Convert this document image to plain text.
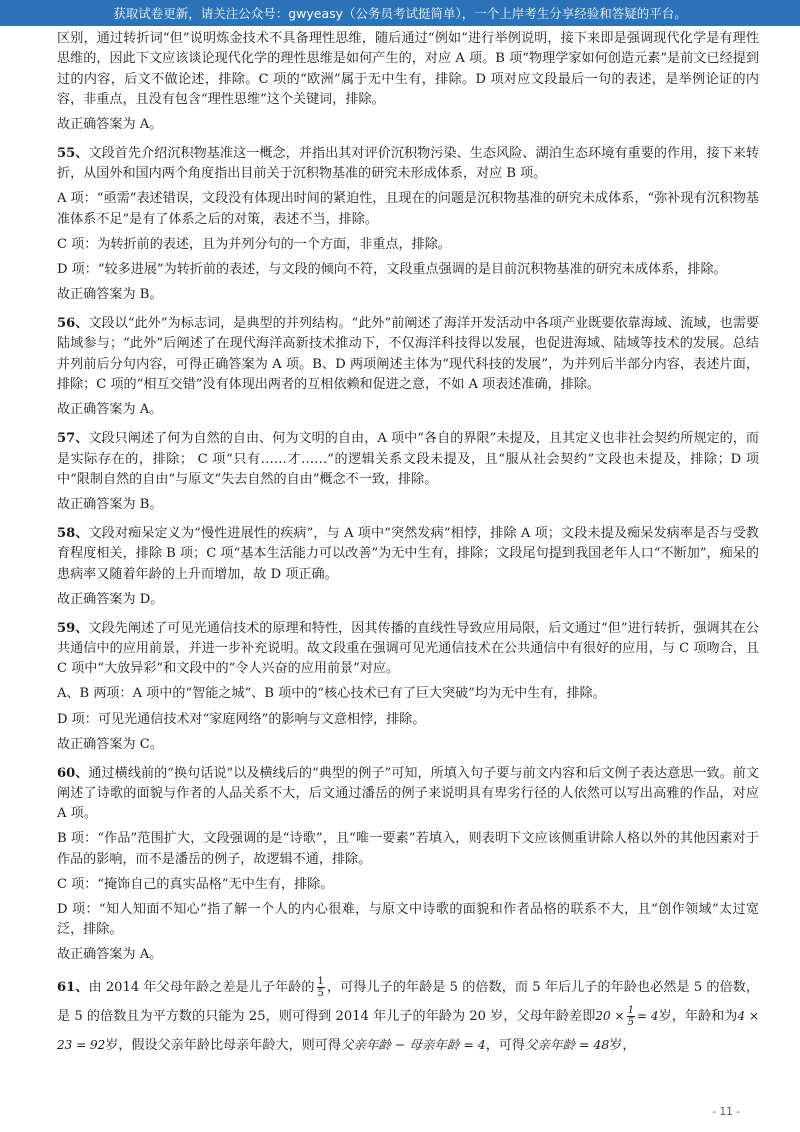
获取试卷更新，请关注公众号：gwyeasy（公务员考试挺简单），一个上岸考生分享经验和答疑的平台。

区别，通过转折词“但”说明炼金技术不具备理性思维，随后通过“例如”进行举例说明，接下来即是强调现代化学是有理性思维的，因此下文应该谈论现代化学的理性思维是如何产生的，对应 A 项。B 项“物理学家如何创造元素”是前文已经提到过的内容，后文不做论述，排除。C 项的“欧洲”属于无中生有，排除。D 项对应文段最后一句的表述，是举例论证的内容，非重点，且没有包含“理性思维”这个关键词，排除。

故正确答案为 A。

55、文段首先介绍沉积物基准这一概念，并指出其对评价沉积物污染、生态风险、湖泊生态环境有重要的作用，接下来转折，从国外和国内两个角度指出目前关于沉积物基准的研究未形成体系，对应 B 项。

A 项：“亟需”表述错误，文段没有体现出时间的紧迫性，且现在的问题是沉积物基准的研究未成体系，“弥补现有沉积物基准体系不足”是有了体系之后的对策，表述不当，排除。

C 项：为转折前的表述，且为并列分句的一个方面，非重点，排除。

D 项：“较多进展”为转折前的表述，与文段的倾向不符，文段重点强调的是目前沉积物基准的研究未成体系，排除。

故正确答案为 B。

56、文段以“此外”为标志词，是典型的并列结构。“此外”前阐述了海洋开发活动中各项产业既要依靠海域、流域，也需要陆域参与；“此外”后阐述了在现代海洋高新技术推动下，不仅海洋科技得以发展，也促进海域、陆域等技术的发展。总结并列前后分句内容，可得正确答案为 A 项。B、D 两项阐述主体为“现代科技的发展”，为并列后半部分内容，表述片面，排除；C 项的“相互交错”没有体现出两者的互相依赖和促进之意，不如 A 项表述准确，排除。

故正确答案为 A。

57、文段只阐述了何为自然的自由、何为文明的自由，A 项中“各自的界限”未提及，且其定义也非社会契约所规定的，而是实际存在的，排除； C 项“只有……才……”的逻辑关系文段未提及，且“服从社会契约”文段也未提及，排除；D 项中“限制自然的自由”与原文“失去自然的自由”概念不一致，排除。

故正确答案为 B。

58、文段对痴呆定义为“慢性进展性的疾病”，与 A 项中“突然发病”相悖，排除 A 项；文段未提及痴呆发病率是否与受教育程度相关，排除 B 项；C 项“基本生活能力可以改善”为无中生有，排除；文段尾句提到我国老年人口“不断加”，痴呆的患病率又随着年龄的上升而增加，故 D 项正确。

故正确答案为 D。

59、文段先阐述了可见光通信技术的原理和特性，因其传播的直线性导致应用局限，后文通过“但”进行转折，强调其在公共通信中的应用前景，并进一步补充说明。故文段重在强调可见光通信技术在公共通信中有很好的应用，与 C 项吻合，且 C 项中“大放异彩”和文段中的“令人兴奋的应用前景”对应。

A、B 两项：A 项中的“智能之城”、B 项中的“核心技术已有了巨大突破”均为无中生有，排除。

D 项：可见光通信技术对“家庭网络”的影响与文意相悖，排除。

故正确答案为 C。

60、通过横线前的“换句话说”以及横线后的“典型的例子”可知，所填入句子要与前文内容和后文例子表达意思一致。前文阐述了诗歌的面貌与作者的人品关系不大，后文通过潘岳的例子来说明具有卑劣行径的人依然可以写出高雅的作品，对应 A 项。

B 项：“作品”范围扩大，文段强调的是“诗歌”，且“唯一要素”若填入，则表明下文应该侧重讲除人格以外的其他因素对于作品的影响，而不是潘岳的例子，故逻辑不通，排除。

C 项：“掩饰自己的真实品格”无中生有，排除。

D 项：“知人知面不知心”指了解一个人的内心很难，与原文中诗歌的面貌和作者品格的联系不大，且“创作领域”太过宽泛，排除。

故正确答案为 A。

61、由 2014 年父母年龄之差是儿子年龄的 $\frac{1}{5}$ ，可得儿子的年龄是 5 的倍数，而 5 年后儿子的年龄也必然是 5 的倍数，是 5 的倍数且为平方数的只能为 25，则可得到 2014 年儿子的年龄为 20 岁，父母年龄差即$20 \times \frac{1}{5} = 4$岁，年龄和为4 × 23 = 92岁，假设父亲年龄比母亲年龄大，则可得父亲年龄 − 母亲年龄 = 4，可得父亲年龄 = 48岁，

- 11 -
